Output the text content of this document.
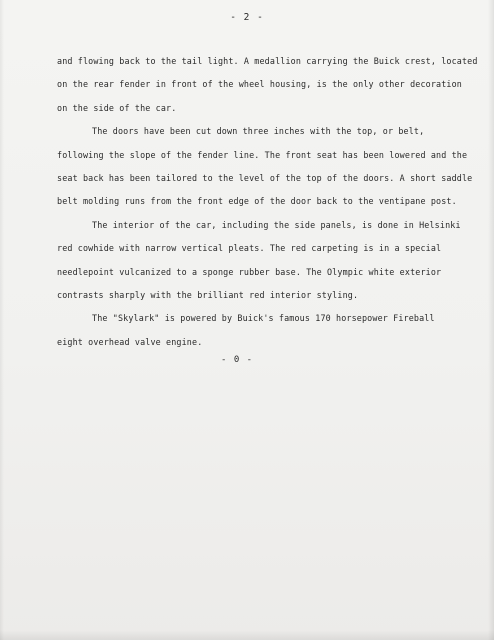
- 2 -

and flowing back to the tail light. A medallion carrying the Buick crest, located
on the rear fender in front of the wheel housing, is the only other decoration
on the side of the car.

The doors have been cut down three inches with the top, or belt,
following the slope of the fender line. The front seat has been lowered and the
seat back has been tailored to the level of the top of the doors. A short saddle
belt molding runs from the front edge of the door back to the ventipane post.

The interior of the car, including the side panels, is done in Helsinki
red cowhide with narrow vertical pleats. The red carpeting is in a special
needlepoint vulcanized to a sponge rubber base. The Olympic white exterior
contrasts sharply with the brilliant red interior styling.

The "Skylark" is powered by Buick's famous 170 horsepower Fireball
eight overhead valve engine.

- 0 -
